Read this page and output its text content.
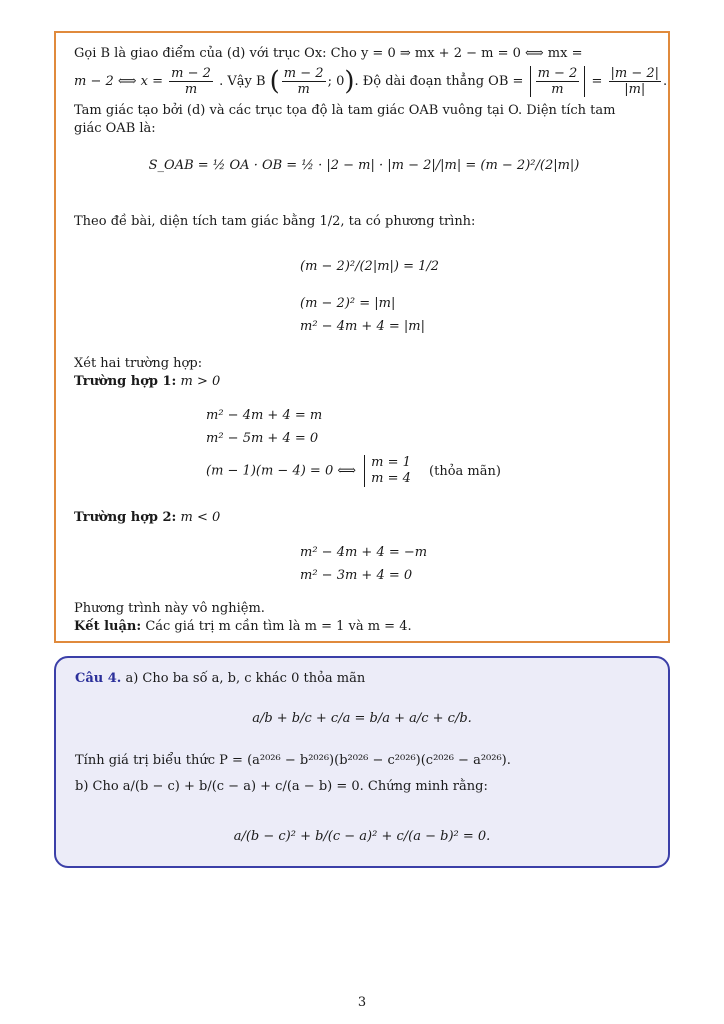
Gọi B là giao điểm của (d) với trục Ox: Cho y = 0 ⇒ mx + 2 − m = 0 ⟺ mx =
m − 2 ⟺ $x = \frac{m - 2}{m}$ . Vậy B ( $\frac{m - 2}{m}$ ; 0). Độ dài đoạn thẳng OB = $\frac{m - 2}{m} = \frac{|m - 2|}{|m|}$ .
Tam giác tạo bởi (d) và các trục tọa độ là tam giác OAB vuông tại O. Diện tích tam
giác OAB là:
S_OAB = ½ OA · OB = ½ · |2 − m| · |m − 2|/|m| = (m − 2)²/(2|m|)
Theo đề bài, diện tích tam giác bằng 1/2, ta có phương trình:
(m − 2)²/(2|m|) = 1/2
(m − 2)² = |m|
m² − 4m + 4 = |m|
Xét hai trường hợp:
Trường hợp 1: m > 0
m² − 4m + 4 = m
m² − 5m + 4 = 0
(m − 1)(m − 4) = 0 ⟺
m = 1
m = 4 (thỏa mãn)
Trường hợp 2: m < 0
m² − 4m + 4 = −m
m² − 3m + 4 = 0
Phương trình này vô nghiệm.
Kết luận: Các giá trị m cần tìm là m = 1 và m = 4.
Câu 4. a) Cho ba số a, b, c khác 0 thỏa mãn
a/b + b/c + c/a = b/a + a/c + c/b.
Tính giá trị biểu thức P = (a²⁰²⁶ − b²⁰²⁶)(b²⁰²⁶ − c²⁰²⁶)(c²⁰²⁶ − a²⁰²⁶).
b) Cho a/(b − c) + b/(c − a) + c/(a − b) = 0. Chứng minh rằng:
a/(b − c)² + b/(c − a)² + c/(a − b)² = 0.
3
